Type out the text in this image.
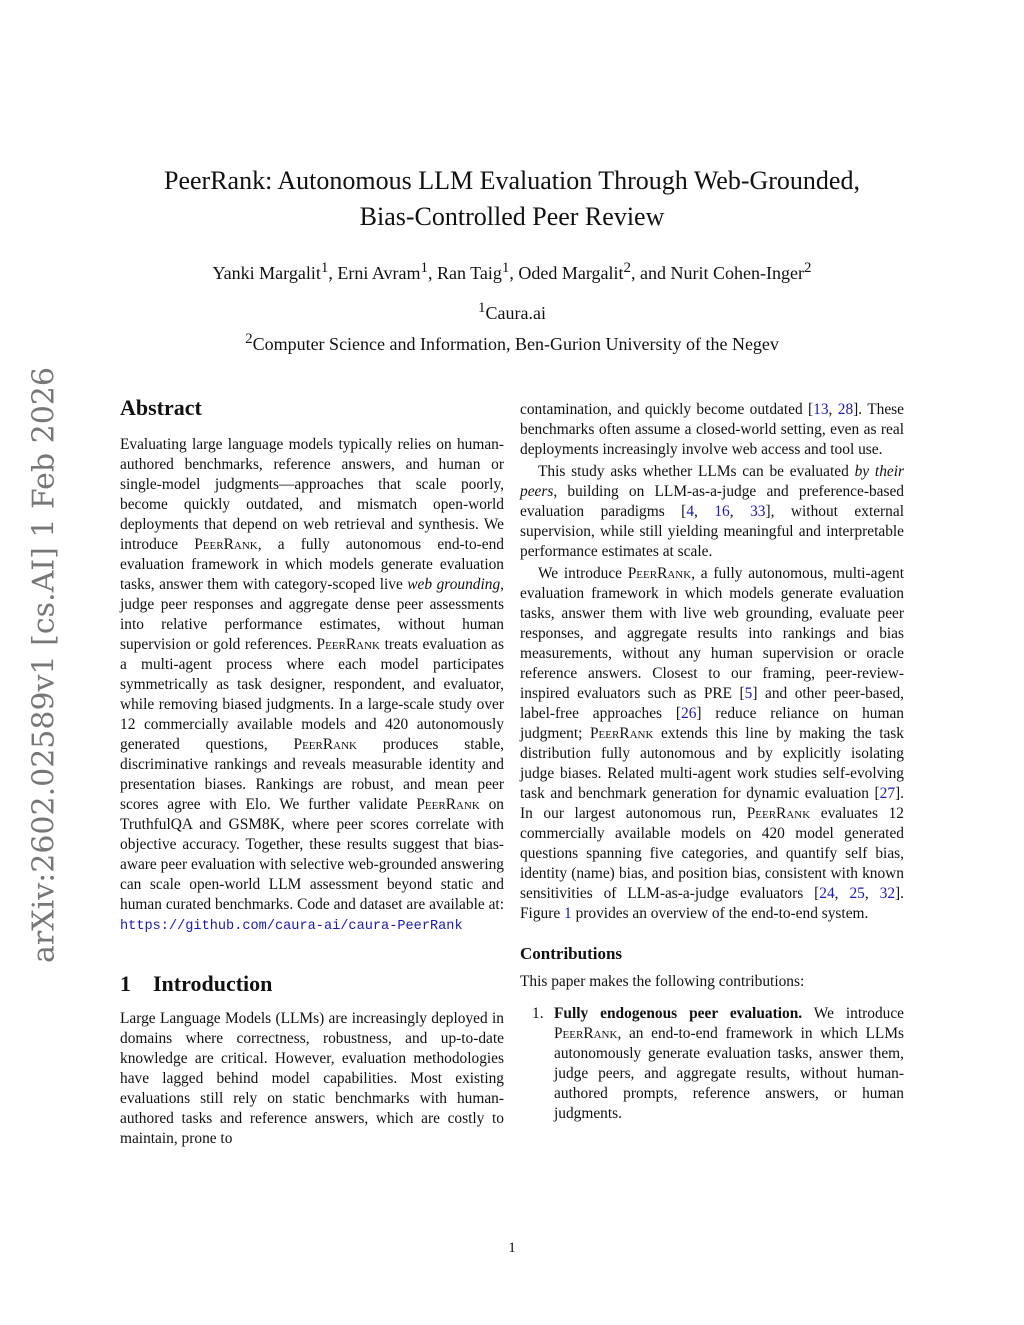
arXiv:2602.02589v1 [cs.AI] 1 Feb 2026
PeerRank: Autonomous LLM Evaluation Through Web-Grounded,
Bias-Controlled Peer Review
Yanki Margalit$^1$, Erni Avram$^1$, Ran Taig$^1$, Oded Margalit$^2$, and Nurit Cohen-Inger$^2$
$^1$Caura.ai
$^2$Computer Science and Information, Ben-Gurion University of the Negev
Abstract

Evaluating large language models typically relies on human-authored benchmarks, reference answers, and human or single-model judgments—approaches that scale poorly, become quickly outdated, and mismatch open-world deployments that depend on web retrieval and synthesis. We introduce PeerRank, a fully autonomous end-to-end evaluation framework in which models generate evaluation tasks, answer them with category-scoped live web grounding, judge peer responses and aggregate dense peer assessments into relative performance estimates, without human supervision or gold references. PeerRank treats evaluation as a multi-agent process where each model participates symmetrically as task designer, respondent, and evaluator, while removing biased judgments. In a large-scale study over 12 commercially available models and 420 autonomously generated questions, PeerRank produces stable, discriminative rankings and reveals measurable identity and presentation biases. Rankings are robust, and mean peer scores agree with Elo. We further validate PeerRank on TruthfulQA and GSM8K, where peer scores correlate with objective accuracy. Together, these results suggest that bias-aware peer evaluation with selective web-grounded answering can scale open-world LLM assessment beyond static and human curated benchmarks. Code and dataset are available at: https://github.com/caura-ai/caura-PeerRank

1 Introduction

Large Language Models (LLMs) are increasingly deployed in domains where correctness, robustness, and up-to-date knowledge are critical. However, evaluation methodologies have lagged behind model capabilities. Most existing evaluations still rely on static benchmarks with human-authored tasks and reference answers, which are costly to maintain, prone to

contamination, and quickly become outdated [13, 28]. These benchmarks often assume a closed-world setting, even as real deployments increasingly involve web access and tool use.

This study asks whether LLMs can be evaluated by their peers, building on LLM-as-a-judge and preference-based evaluation paradigms [4, 16, 33], without external supervision, while still yielding meaningful and interpretable performance estimates at scale.

We introduce PeerRank, a fully autonomous, multi-agent evaluation framework in which models generate evaluation tasks, answer them with live web grounding, evaluate peer responses, and aggregate results into rankings and bias measurements, without any human supervision or oracle reference answers. Closest to our framing, peer-review-inspired evaluators such as PRE [5] and other peer-based, label-free approaches [26] reduce reliance on human judgment; PeerRank extends this line by making the task distribution fully autonomous and by explicitly isolating judge biases. Related multi-agent work studies self-evolving task and benchmark generation for dynamic evaluation [27]. In our largest autonomous run, PeerRank evaluates 12 commercially available models on 420 model generated questions spanning five categories, and quantify self bias, identity (name) bias, and position bias, consistent with known sensitivities of LLM-as-a-judge evaluators [24, 25, 32]. Figure 1 provides an overview of the end-to-end system.

Contributions

This paper makes the following contributions:

1. Fully endogenous peer evaluation. We introduce PeerRank, an end-to-end framework in which LLMs autonomously generate evaluation tasks, answer them, judge peers, and aggregate results, without human-authored prompts, reference answers, or human judgments.
1
